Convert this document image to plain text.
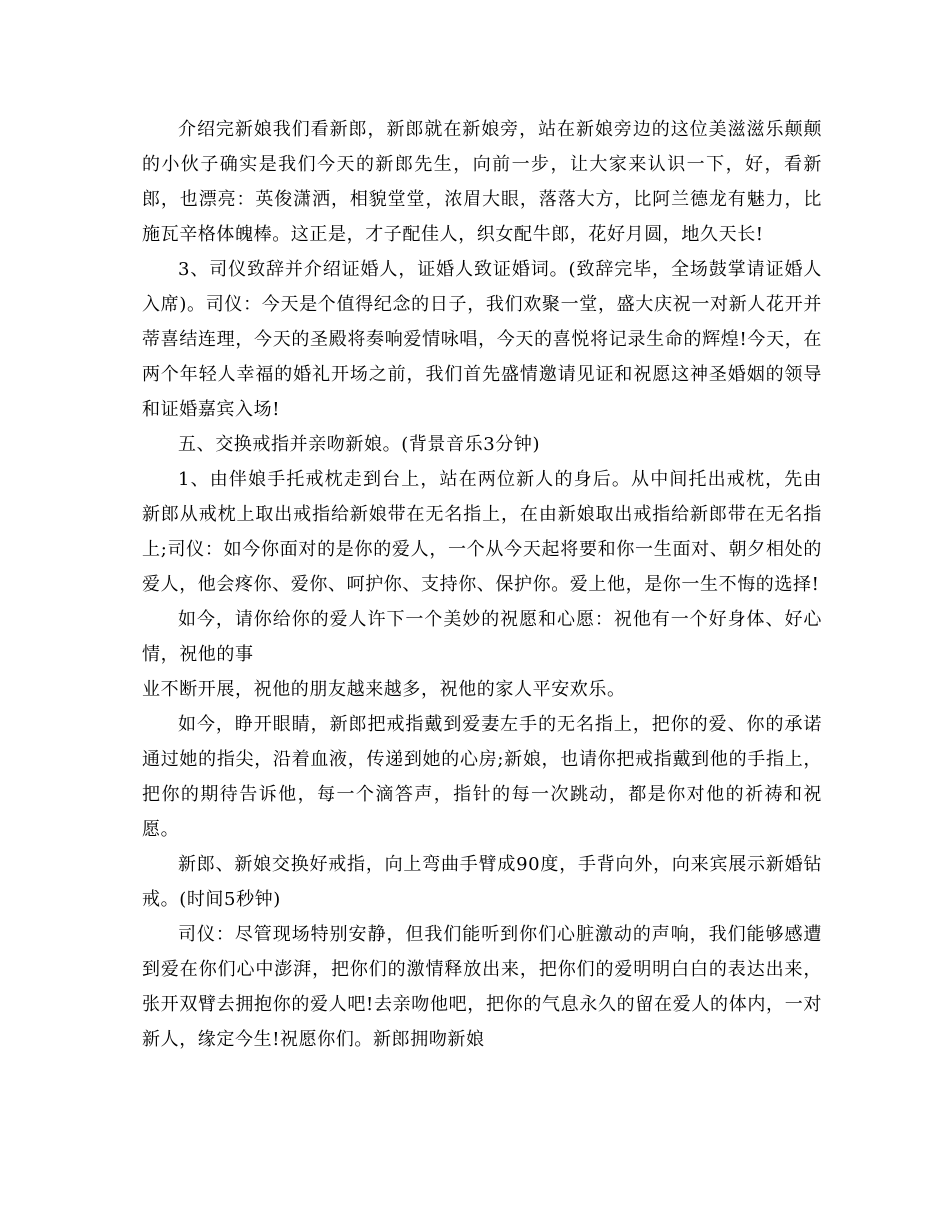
介绍完新娘我们看新郎，新郎就在新娘旁，站在新娘旁边的这位美滋滋乐颠颠的小伙子确实是我们今天的新郎先生，向前一步，让大家来认识一下，好，看新郎，也漂亮：英俊潇洒，相貌堂堂，浓眉大眼，落落大方，比阿兰德龙有魅力，比施瓦辛格体魄棒。这正是，才子配佳人，织女配牛郎，花好月圆，地久天长!

3、司仪致辞并介绍证婚人，证婚人致证婚词。(致辞完毕，全场鼓掌请证婚人入席)。司仪：今天是个值得纪念的日子，我们欢聚一堂，盛大庆祝一对新人花开并蒂喜结连理，今天的圣殿将奏响爱情咏唱，今天的喜悦将记录生命的辉煌!今天，在两个年轻人幸福的婚礼开场之前，我们首先盛情邀请见证和祝愿这神圣婚姻的领导和证婚嘉宾入场!

五、交换戒指并亲吻新娘。(背景音乐3分钟)

1、由伴娘手托戒枕走到台上，站在两位新人的身后。从中间托出戒枕，先由新郎从戒枕上取出戒指给新娘带在无名指上，在由新娘取出戒指给新郎带在无名指上;司仪：如今你面对的是你的爱人，一个从今天起将要和你一生面对、朝夕相处的爱人，他会疼你、爱你、呵护你、支持你、保护你。爱上他，是你一生不悔的选择!

如今，请你给你的爱人许下一个美妙的祝愿和心愿：祝他有一个好身体、好心情，祝他的事

业不断开展，祝他的朋友越来越多，祝他的家人平安欢乐。

如今，睁开眼睛，新郎把戒指戴到爱妻左手的无名指上，把你的爱、你的承诺通过她的指尖，沿着血液，传递到她的心房;新娘，也请你把戒指戴到他的手指上，把你的期待告诉他，每一个滴答声，指针的每一次跳动，都是你对他的祈祷和祝愿。

新郎、新娘交换好戒指，向上弯曲手臂成90度，手背向外，向来宾展示新婚钻戒。(时间5秒钟)

司仪：尽管现场特别安静，但我们能听到你们心脏激动的声响，我们能够感遭到爱在你们心中澎湃，把你们的激情释放出来，把你们的爱明明白白的表达出来，张开双臂去拥抱你的爱人吧!去亲吻他吧，把你的气息永久的留在爱人的体内，一对新人，缘定今生!祝愿你们。新郎拥吻新娘
